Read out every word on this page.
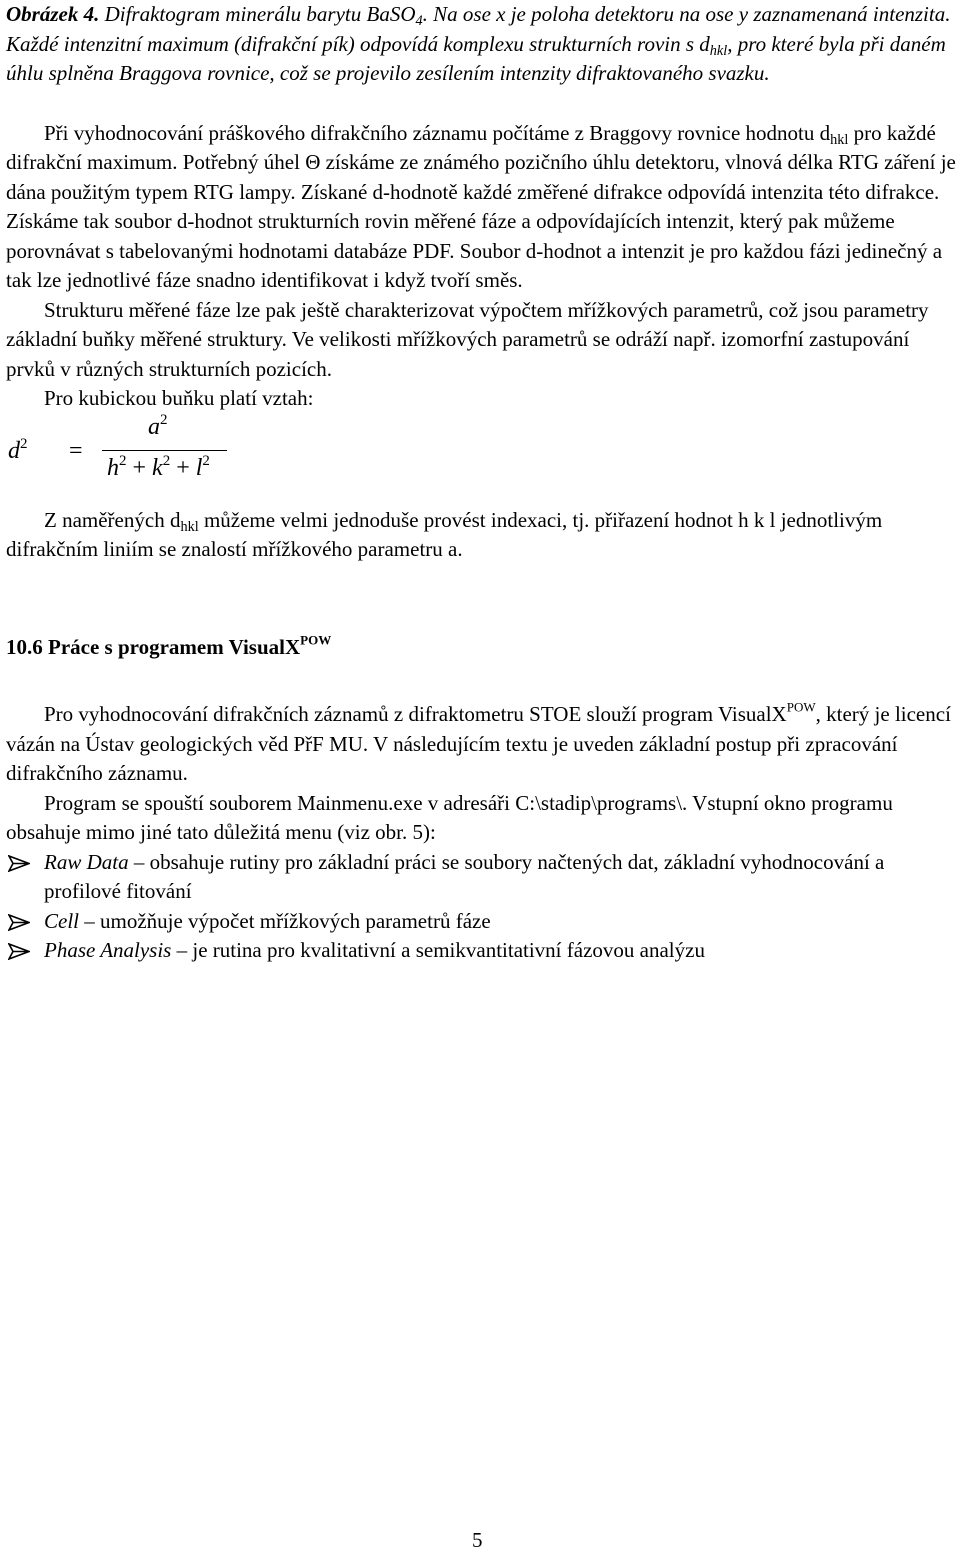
Obrázek 4. Difraktogram minerálu barytu BaSO$_4$. Na ose x je poloha detektoru na ose y zaznamenaná intenzita. Každé intenzitní maximum (difrakční pík) odpovídá komplexu strukturních rovin s $d_{hkl}$, pro které byla při daném úhlu splněna Braggova rovnice, což se projevilo zesílením intenzity difraktovaného svazku.

Při vyhodnocování práškového difrakčního záznamu počítáme z Braggovy rovnice hodnotu $d_{hkl}$ pro každé difrakční maximum. Potřebný úhel Θ získáme ze známého pozičního úhlu detektoru, vlnová délka RTG záření je dána použitým typem RTG lampy. Získané d-hodnotě každé změřené difrakce odpovídá intenzita této difrakce. Získáme tak soubor d-hodnot strukturních rovin měřené fáze a odpovídajících intenzit, který pak můžeme porovnávat s tabelovanými hodnotami databáze PDF. Soubor d-hodnot a intenzit je pro každou fázi jedinečný a tak lze jednotlivé fáze snadno identifikovat i když tvoří směs.

Strukturu měřené fáze lze pak ještě charakterizovat výpočtem mřížkových parametrů, což jsou parametry základní buňky měřené struktury. Ve velikosti mřížkových parametrů se odráží např. izomorfní zastupování prvků v různých strukturních pozicích.

Pro kubickou buňku platí vztah:

$d^2$ =
$a^2$
$h^2 + k^2 + l^2$

Z naměřených $d_{hkl}$ můžeme velmi jednoduše provést indexaci, tj. přiřazení hodnot h k l jednotlivým difrakčním liniím se znalostí mřížkového parametru a.

10.6 Práce s programem VisualX$^{POW}$

Pro vyhodnocování difrakčních záznamů z difraktometru STOE slouží program VisualX$^{POW}$, který je licencí vázán na Ústav geologických věd PřF MU. V následujícím textu je uveden základní postup při zpracování difrakčního záznamu.

Program se spouští souborem Mainmenu.exe v adresáři C:\stadip\programs\. Vstupní okno programu obsahuje mimo jiné tato důležitá menu (viz obr. 5):

Raw Data – obsahuje rutiny pro základní práci se soubory načtených dat, základní vyhodnocování a profilové fitování
Cell – umožňuje výpočet mřížkových parametrů fáze
Phase Analysis – je rutina pro kvalitativní a semikvantitativní fázovou analýzu
5
